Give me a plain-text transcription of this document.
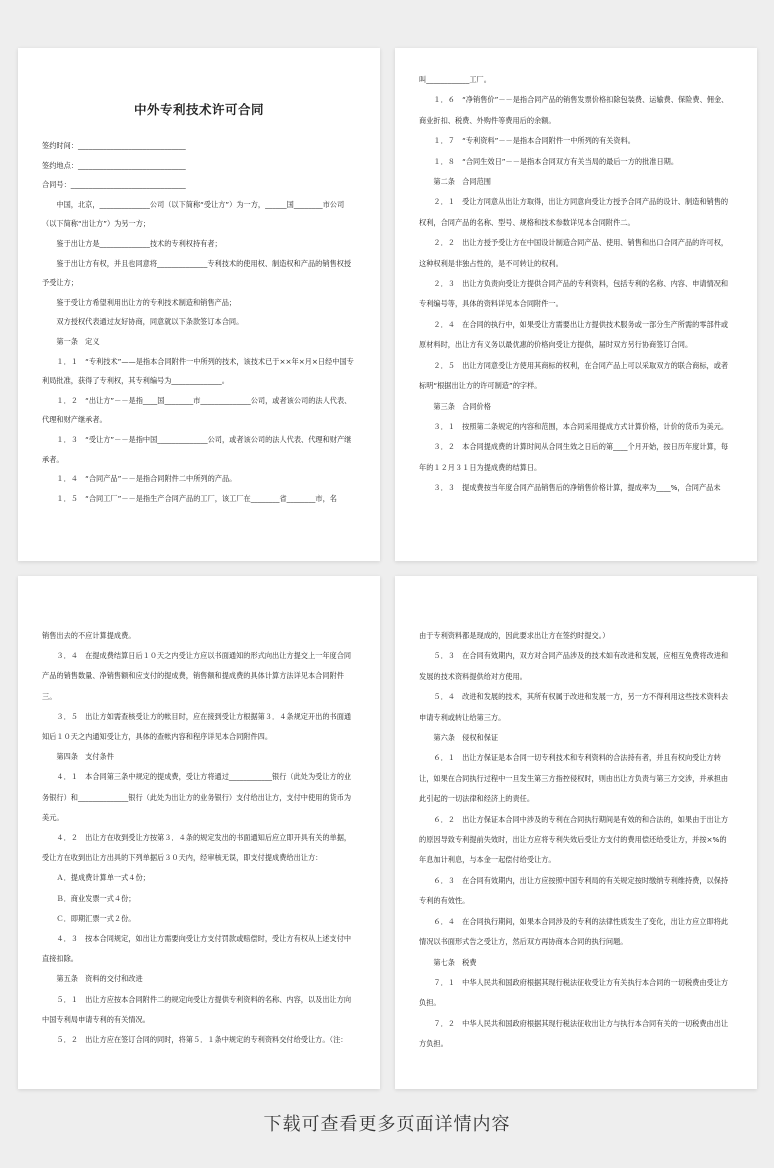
中外专利技术许可合同

签约时间：______________________________

签约地点：______________________________

合同号：________________________________

中国，北京，______________公司（以下简称“受让方”）为一方，______国________市公司（以下简称“出让方”）为另一方；

鉴于出让方是______________技术的专利权持有者；

鉴于出让方有权，并且也同意将______________专利技术的使用权、制造权和产品的销售权授予受让方；

鉴于受让方希望利用出让方的专利技术制造和销售产品；

双方授权代表通过友好协商，同意就以下条款签订本合同。

第一条　定义

１．１　“专利技术”——是指本合同附件一中所列的技术，该技术已于××年×月×日经中国专利局批准，获得了专利权，其专利编号为______________。

１．２　“出让方”－－是指____国________市______________公司，或者该公司的法人代表、代理和财产继承者。

１．３　“受让方”－－是指中国______________公司，或者该公司的法人代表、代理和财产继承者。

１．４　“合同产品”－－是指合同附件二中所列的产品。

１．５　“合同工厂”－－是指生产合同产品的工厂，该工厂在________省________市，名

叫____________工厂。

１．６　“净销售价”－－是指合同产品的销售发票价格扣除包装费、运输费、保险费、佣金、商业折扣、税费、外购件等费用后的余额。

１．７　“专利资料”－－是指本合同附件一中所列的有关资料。

１．８　“合同生效日”－－是指本合同双方有关当局的最后一方的批准日期。

第二条　合同范围

２．１　受让方同意从出让方取得，出让方同意向受让方授予合同产品的设计、制造和销售的权利，合同产品的名称、型号、规格和技术参数详见本合同附件二。

２．２　出让方授予受让方在中国设计制造合同产品、使用、销售和出口合同产品的许可权，这种权利是非独占性的，是不可转让的权利。

２．３　出让方负责向受让方提供合同产品的专利资料，包括专利的名称、内容、申请情况和专利编号等，具体的资料详见本合同附件一。

２．４　在合同的执行中，如果受让方需要出让方提供技术服务或一部分生产所需的零部件或原材料时，出让方有义务以最优惠的价格向受让方提供，届时双方另行协商签订合同。

２．５　出让方同意受让方使用其商标的权利，在合同产品上可以采取双方的联合商标，或者标明“根据出让方的许可制造”的字样。

第三条　合同价格

３．１　按照第二条规定的内容和范围，本合同采用提成方式计算价格，计价的货币为美元。

３．２　本合同提成费的计算时间从合同生效之日后的第____个月开始，按日历年度计算，每年的１２月３１日为提成费的结算日。

３．３　提成费按当年度合同产品销售后的净销售价格计算，提成率为____%，合同产品未

销售出去的不应计算提成费。

３．４　在提成费结算日后１０天之内受让方应以书面通知的形式向出让方提交上一年度合同产品的销售数量、净销售额和应支付的提成费，销售额和提成费的具体计算方法详见本合同附件三。

３．５　出让方如需查核受让方的帐目时，应在接到受让方根据第３．４条规定开出的书面通知后１０天之内通知受让方，具体的查帐内容和程序详见本合同附件四。

第四条　支付条件

４．１　本合同第三条中规定的提成费，受让方将通过____________银行（此处为受让方的业务银行）和______________银行（此处为出让方的业务银行）支付给出让方，支付中使用的货币为美元。

４．２　出让方在收到受让方按第３．４条的规定发出的书面通知后应立即开具有关的单据，受让方在收到出让方出具的下列单据后３０天内，经审核无误，即支付提成费给出让方：

Ａ．提成费计算单一式４份；

Ｂ．商业发票一式４份；

Ｃ．即期汇票一式２份。

４．３　按本合同规定，如出让方需要向受让方支付罚款或赔偿时，受让方有权从上述支付中直接扣除。

第五条　资料的交付和改进

５．１　出让方应按本合同附件二的规定向受让方提供专利资料的名称、内容，以及出让方向中国专利局申请专利的有关情况。

５．２　出让方应在签订合同的同时，将第５．１条中规定的专利资料交付给受让方。（注：

由于专利资料都是现成的，因此要求出让方在签约时提交。）

５．３　在合同有效期内，双方对合同产品涉及的技术如有改进和发展，应相互免费将改进和发展的技术资料提供给对方使用。

５．４　改进和发展的技术，其所有权属于改进和发展一方，另一方不得利用这些技术资料去申请专利或转让给第三方。

第六条　侵权和保证

６．１　出让方保证是本合同一切专利技术和专利资料的合法持有者，并且有权向受让方转让，如果在合同执行过程中一旦发生第三方指控侵权时，则由出让方负责与第三方交涉，并承担由此引起的一切法律和经济上的责任。

６．２　出让方保证本合同中涉及的专利在合同执行期间是有效的和合法的，如果由于出让方的原因导致专利提前失效时，出让方应将专利失效后受让方支付的费用偿还给受让方，并按×%的年息加计利息，与本金一起偿付给受让方。

６．３　在合同有效期内，出让方应按照中国专利局的有关规定按时缴纳专利维持费，以保持专利的有效性。

６．４　在合同执行期间，如果本合同涉及的专利的法律性质发生了变化，出让方应立即将此情况以书面形式告之受让方，然后双方再协商本合同的执行问题。

第七条　税费

７．１　中华人民共和国政府根据其现行税法征收受让方有关执行本合同的一切税费由受让方负担。

７．２　中华人民共和国政府根据其现行税法征收出让方与执行本合同有关的一切税费由出让方负担。

下载可查看更多页面详情内容
